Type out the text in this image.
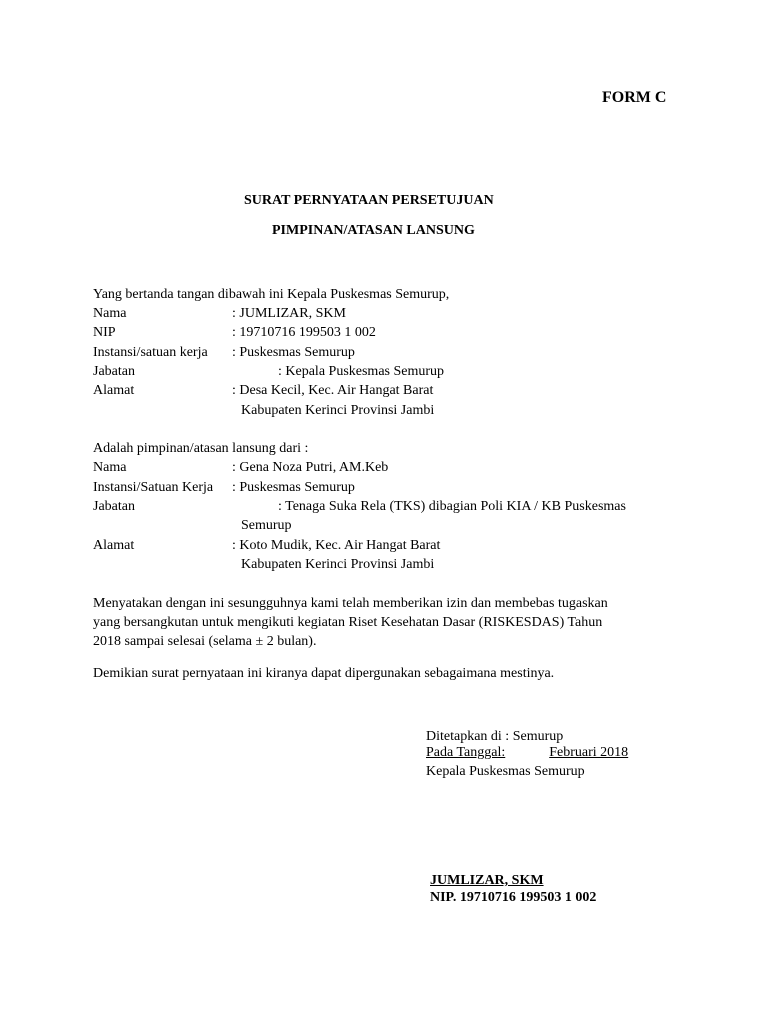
FORM C
SURAT PERNYATAAN PERSETUJUAN
PIMPINAN/ATASAN LANSUNG
Yang bertanda tangan dibawah ini Kepala Puskesmas Semurup,
Nama	: JUMLIZAR, SKM
NIP	: 19710716 199503 1 002
Instansi/satuan kerja : Puskesmas Semurup
Jabatan	: Kepala Puskesmas Semurup
Alamat	: Desa Kecil, Kec. Air Hangat Barat
Kabupaten Kerinci Provinsi Jambi
Adalah pimpinan/atasan lansung dari :
Nama	: Gena Noza Putri, AM.Keb
Instansi/Satuan Kerja : Puskesmas Semurup
Jabatan	: Tenaga Suka Rela (TKS) dibagian Poli KIA / KB Puskesmas
Semurup
Alamat	: Koto Mudik, Kec. Air Hangat Barat
Kabupaten Kerinci Provinsi Jambi
Menyatakan dengan ini sesungguhnya kami telah memberikan izin dan membebas tugaskan
yang bersangkutan untuk mengikuti kegiatan Riset Kesehatan Dasar (RISKESDAS) Tahun
2018 sampai selesai (selama ± 2 bulan).
Demikian surat pernyataan ini kiranya dapat dipergunakan sebagaimana mestinya.
Ditetapkan di : Semurup
Pada Tanggal:	Februari 2018
Kepala Puskesmas Semurup
JUMLIZAR, SKM
NIP. 19710716 199503 1 002
